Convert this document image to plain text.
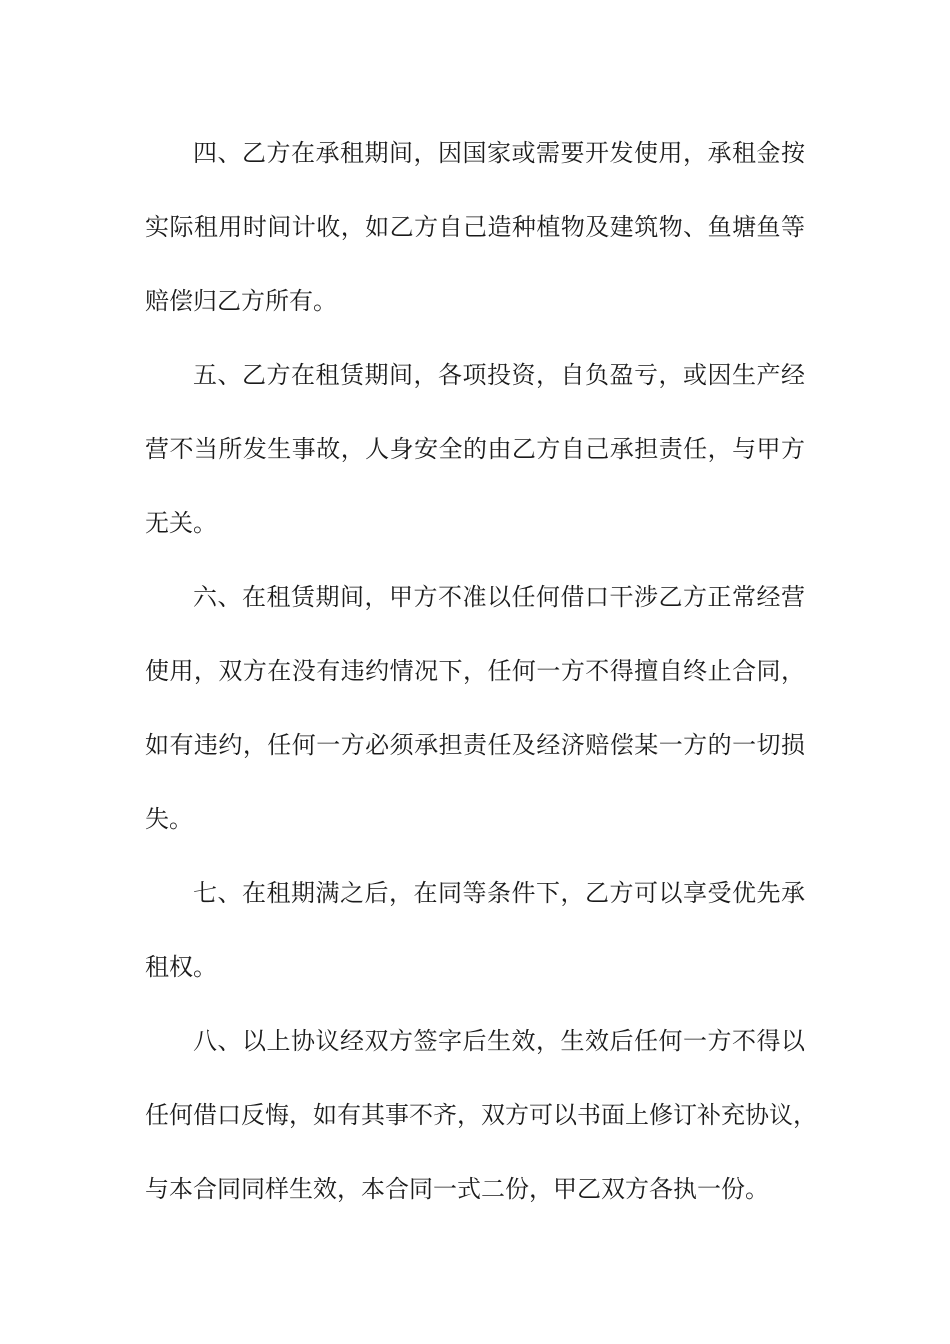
四、乙方在承租期间，因国家或需要开发使用，承租金按
实际租用时间计收，如乙方自己造种植物及建筑物、鱼塘鱼等
赔偿归乙方所有。
五、乙方在租赁期间，各项投资，自负盈亏，或因生产经
营不当所发生事故，人身安全的由乙方自己承担责任，与甲方
无关。
六、在租赁期间，甲方不准以任何借口干涉乙方正常经营
使用，双方在没有违约情况下，任何一方不得擅自终止合同，
如有违约，任何一方必须承担责任及经济赔偿某一方的一切损
失。
七、在租期满之后，在同等条件下，乙方可以享受优先承
租权。
八、以上协议经双方签字后生效，生效后任何一方不得以
任何借口反悔，如有其事不齐，双方可以书面上修订补充协议，
与本合同同样生效，本合同一式二份，甲乙双方各执一份。
